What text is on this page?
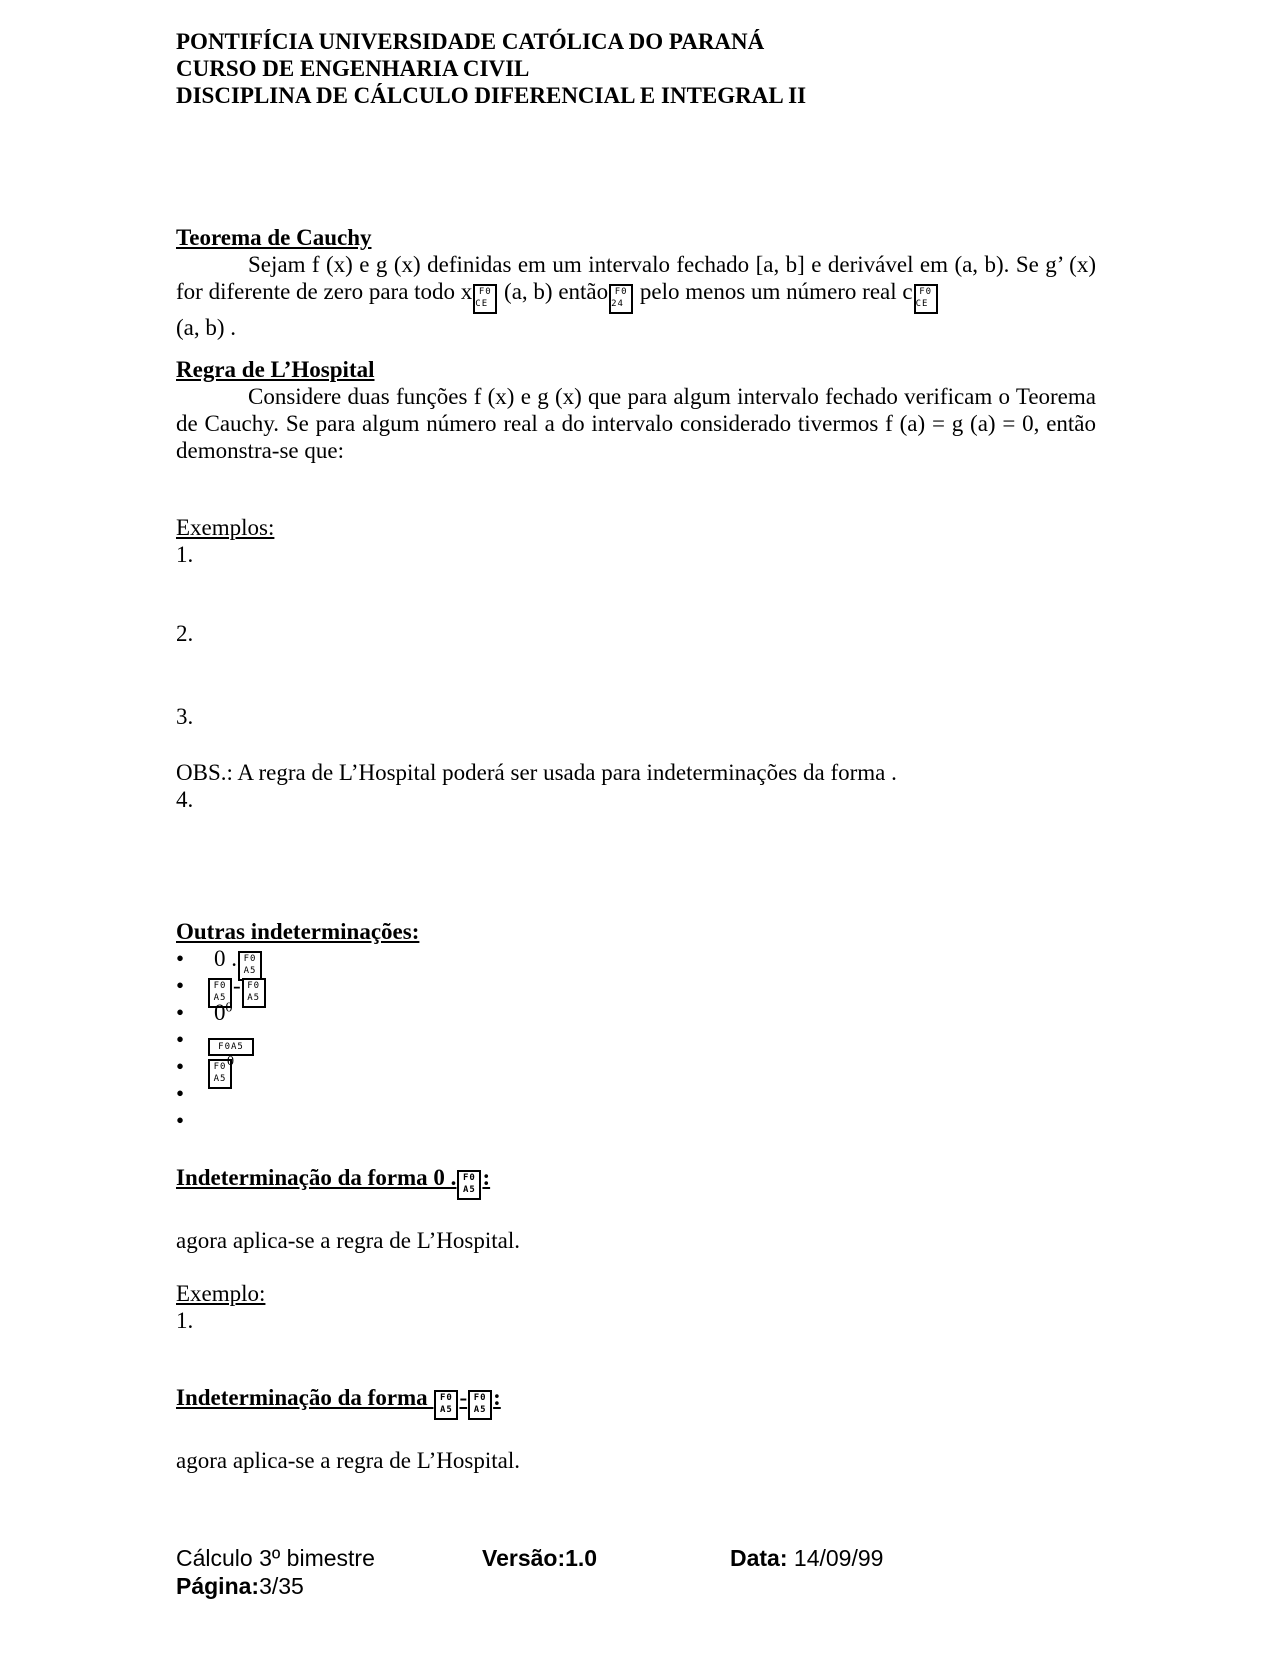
PONTIFÍCIA UNIVERSIDADE CATÓLICA DO PARANÁ
CURSO DE ENGENHARIA CIVIL
DISCIPLINA DE CÁLCULO DIFERENCIAL E INTEGRAL II
Teorema de Cauchy

Sejam f (x) e g (x) definidas em um intervalo fechado [a, b] e derivável em (a, b). Se g’ (x) for diferente de zero para todo x F0 CE (a, b) então F0 24 pelo menos um número real c F0 CE
(a, b) .

Regra de L’Hospital

Considere duas funções f (x) e g (x) que para algum intervalo fechado verificam o Teorema de Cauchy. Se para algum número real a do intervalo considerado tivermos f (a) = g (a) = 0, então demonstra-se que:

Exemplos:
1.
2.
3.
OBS.: A regra de L’Hospital poderá ser usada para indeterminações da forma .
4.
Outras indeterminações:
• 0 . F0 A5
• F0 A5 - F0 A5
• $0^0$
• F0A5
• F0 $A5^0$
•
•
Indeterminação da forma 0 . F0 A5 :
agora aplica-se a regra de L’Hospital.
Exemplo:
1.
Indeterminação da forma F0 A5 - F0 A5 :
agora aplica-se a regra de L’Hospital.
Cálculo 3º bimestre	Versão:1.0	Data: 14/09/99
Página:3/35
